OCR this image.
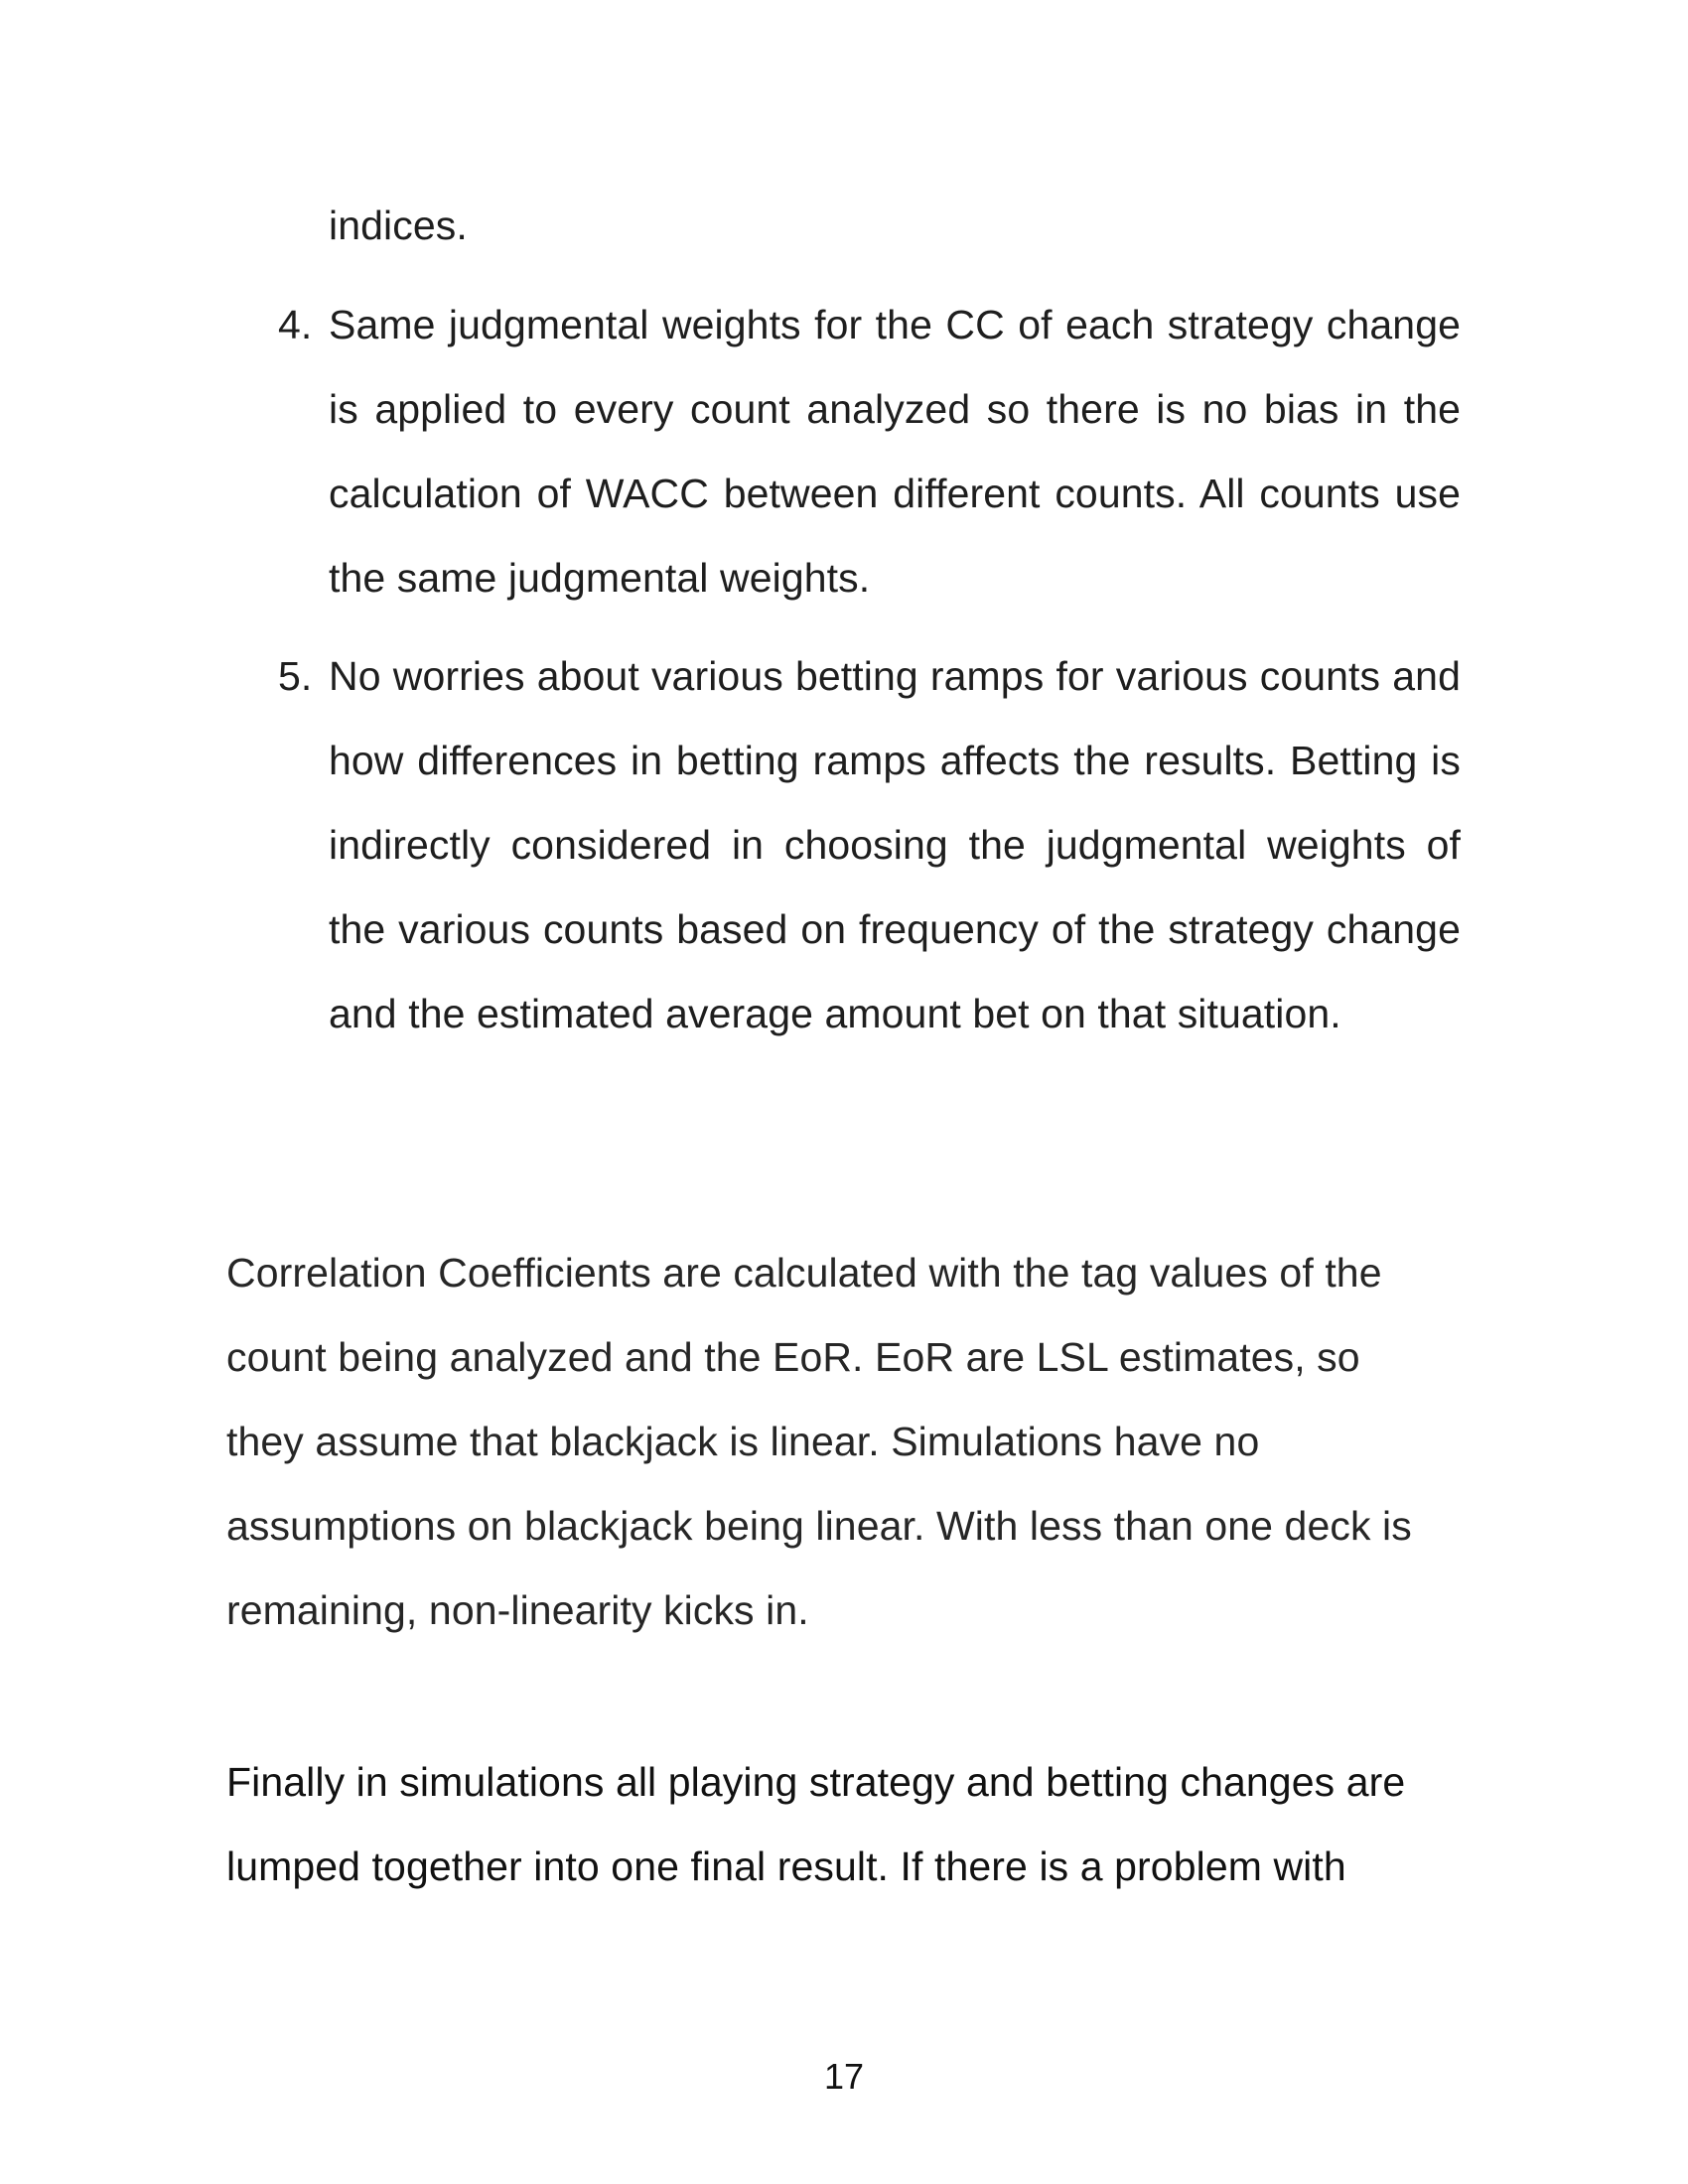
indices.
4. Same judgmental weights for the CC of each strategy change is applied to every count analyzed so there is no bias in the calculation of WACC between different counts. All counts use the same judgmental weights.
5. No worries about various betting ramps for various counts and how differences in betting ramps affects the results. Betting is indirectly considered in choosing the judgmental weights of the various counts based on frequency of the strategy change and the estimated average amount bet on that situation.

Correlation Coefficients are calculated with the tag values of the count being analyzed and the EoR. EoR are LSL estimates, so they assume that blackjack is linear. Simulations have no assumptions on blackjack being linear. With less than one deck is remaining, non-linearity kicks in.

Finally in simulations all playing strategy and betting changes are lumped together into one final result. If there is a problem with

17
